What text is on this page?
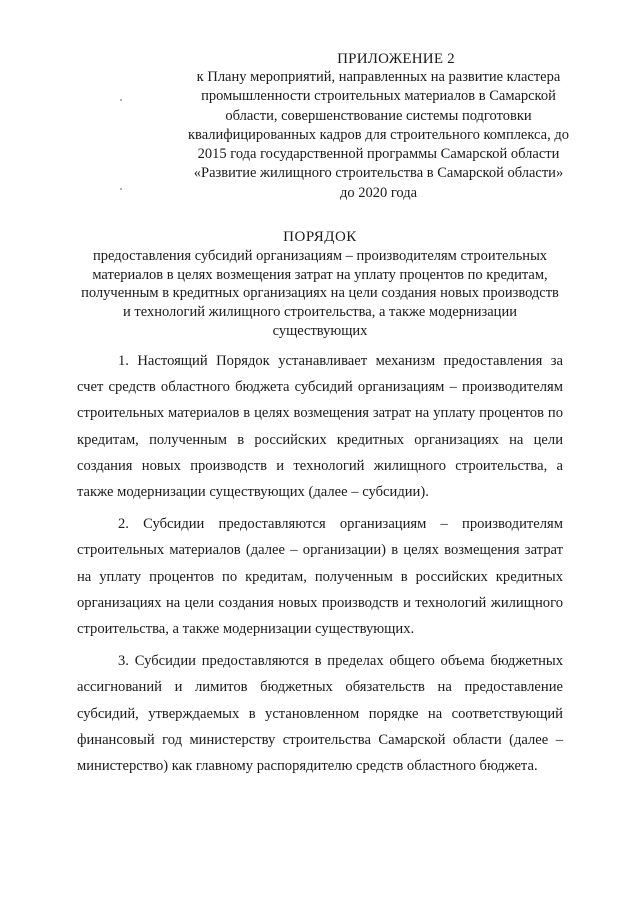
ПРИЛОЖЕНИЕ 2
к Плану мероприятий, направленных на развитие кластера промышленности строительных материалов в Самарской области, совершенствование системы подготовки квалифицированных кадров для строительного комплекса, до 2015 года государственной программы Самарской области «Развитие жилищного строительства в Самарской области» до 2020 года
ПОРЯДОК
предоставления субсидий организациям – производителям строительных материалов в целях возмещения затрат на уплату процентов по кредитам, полученным в кредитных организациях на цели создания новых производств и технологий жилищного строительства, а также модернизации существующих

1. Настоящий Порядок устанавливает механизм предоставления за счет средств областного бюджета субсидий организациям – производителям строительных материалов в целях возмещения затрат на уплату процентов по кредитам, полученным в российских кредитных организациях на цели создания новых производств и технологий жилищного строительства, а также модернизации существующих (далее – субсидии).

2. Субсидии предоставляются организациям – производителям строительных материалов (далее – организации) в целях возмещения затрат на уплату процентов по кредитам, полученным в российских кредитных организациях на цели создания новых производств и технологий жилищного строительства, а также модернизации существующих.

3. Субсидии предоставляются в пределах общего объема бюджетных ассигнований и лимитов бюджетных обязательств на предоставление субсидий, утверждаемых в установленном порядке на соответствующий финансовый год министерству строительства Самарской области (далее – министерство) как главному распорядителю средств областного бюджета.
